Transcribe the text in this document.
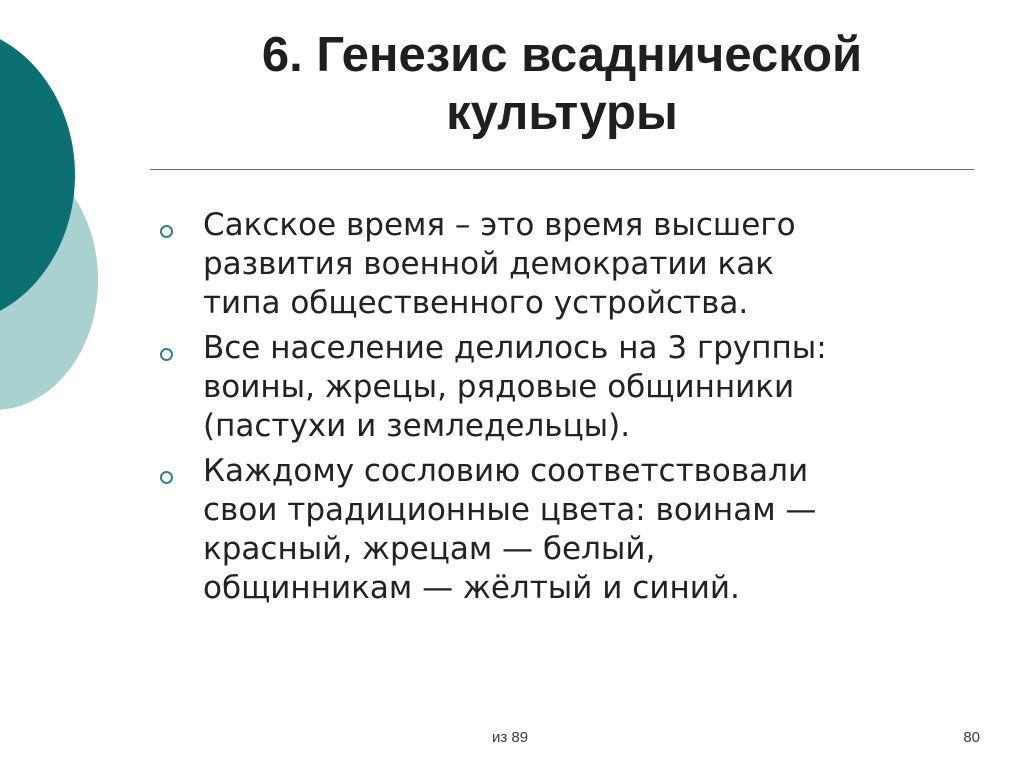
6. Генезис всаднической
культуры
Сакское время – это время высшего
развития военной демократии как
типа общественного устройства.
Все население делилось на 3 группы:
воины, жрецы, рядовые общинники
(пастухи и земледельцы).
Каждому сословию соответствовали
свои традиционные цвета: воинам —
красный, жрецам — белый,
общинникам — жёлтый и синий.
из 89	80
